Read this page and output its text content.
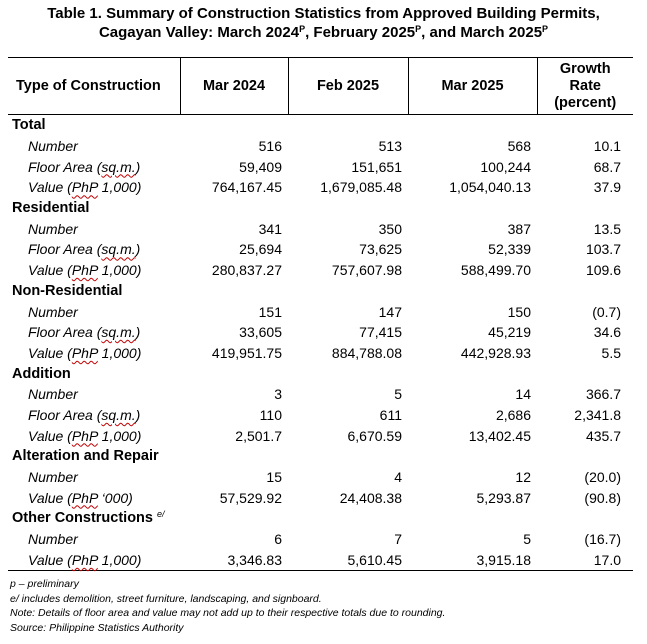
Table 1. Summary of Construction Statistics from Approved Building Permits,
Cagayan Valley: March $2024^P$, February $2025^P$, and March $2025^P$
Type of Construction	Mar 2024	Feb 2025	Mar 2025	Growth
Rate
(percent)

Total				
Number	516	513	568	10.1
Floor Area (sq.m.)	59,409	151,651	100,244	68.7
Value (PhP 1,000)	764,167.45	1,679,085.48	1,054,040.13	37.9
Residential				
Number	341	350	387	13.5
Floor Area (sq.m.)	25,694	73,625	52,339	103.7
Value (PhP 1,000)	280,837.27	757,607.98	588,499.70	109.6
Non-Residential				
Number	151	147	150	(0.7)
Floor Area (sq.m.)	33,605	77,415	45,219	34.6
Value (PhP 1,000)	419,951.75	884,788.08	442,928.93	5.5
Addition				
Number	3	5	14	366.7
Floor Area (sq.m.)	110	611	2,686	2,341.8
Value (PhP 1,000)	2,501.7	6,670.59	13,402.45	435.7
Alteration and Repair				
Number	15	4	12	(20.0)
Value (PhP ‘000)	57,529.92	24,408.38	5,293.87	(90.8)
Other Constructions $^{e/}$
Number	6	7	5	(16.7)
Value (PhP 1,000)	3,346.83	5,610.45	3,915.18	17.0
p – preliminary
e/ includes demolition, street furniture, landscaping, and signboard.
Note: Details of floor area and value may not add up to their respective totals due to rounding.
Source: Philippine Statistics Authority
